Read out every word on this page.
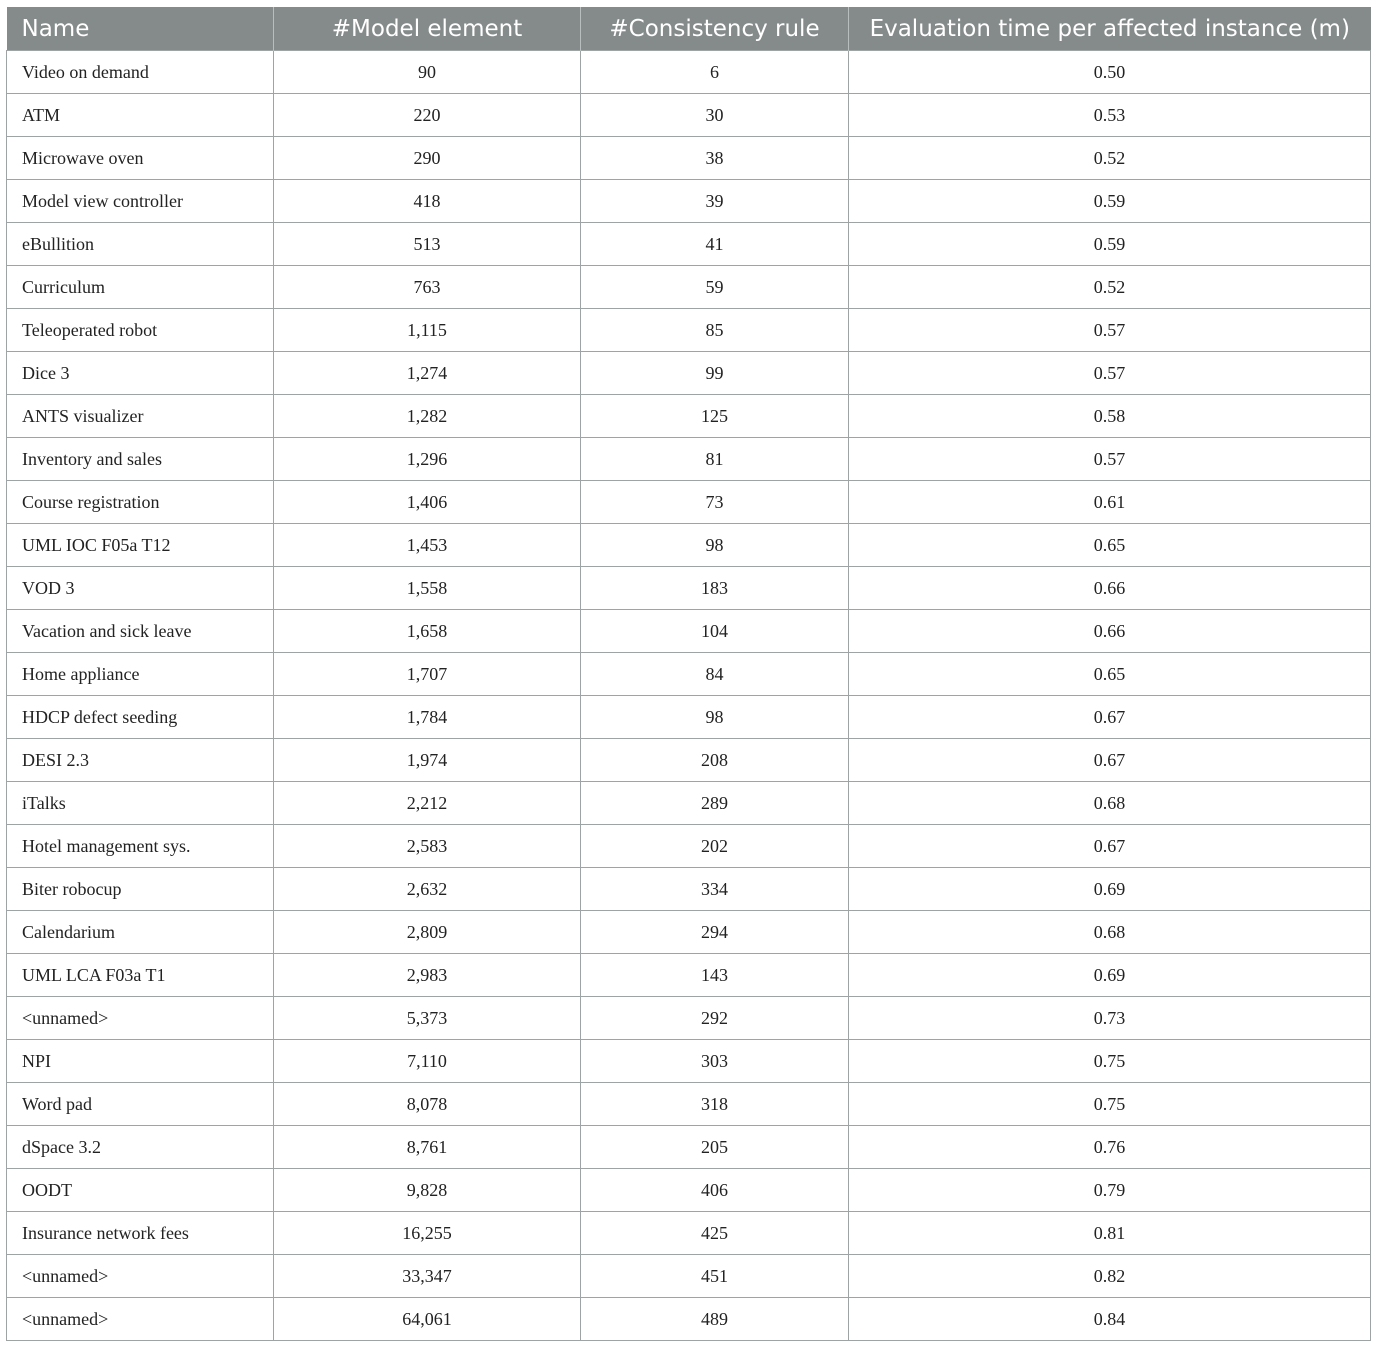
Name	#Model element	#Consistency rule	Evaluation time per affected instance (m)
Video on demand	90	6	0.50
ATM	220	30	0.53
Microwave oven	290	38	0.52
Model view controller	418	39	0.59
eBullition	513	41	0.59
Curriculum	763	59	0.52
Teleoperated robot	1,115	85	0.57
Dice 3	1,274	99	0.57
ANTS visualizer	1,282	125	0.58
Inventory and sales	1,296	81	0.57
Course registration	1,406	73	0.61
UML IOC F05a T12	1,453	98	0.65
VOD 3	1,558	183	0.66
Vacation and sick leave	1,658	104	0.66
Home appliance	1,707	84	0.65
HDCP defect seeding	1,784	98	0.67
DESI 2.3	1,974	208	0.67
iTalks	2,212	289	0.68
Hotel management sys.	2,583	202	0.67
Biter robocup	2,632	334	0.69
Calendarium	2,809	294	0.68
UML LCA F03a T1	2,983	143	0.69
<unnamed>	5,373	292	0.73
NPI	7,110	303	0.75
Word pad	8,078	318	0.75
dSpace 3.2	8,761	205	0.76
OODT	9,828	406	0.79
Insurance network fees	16,255	425	0.81
<unnamed>	33,347	451	0.82
<unnamed>	64,061	489	0.84
